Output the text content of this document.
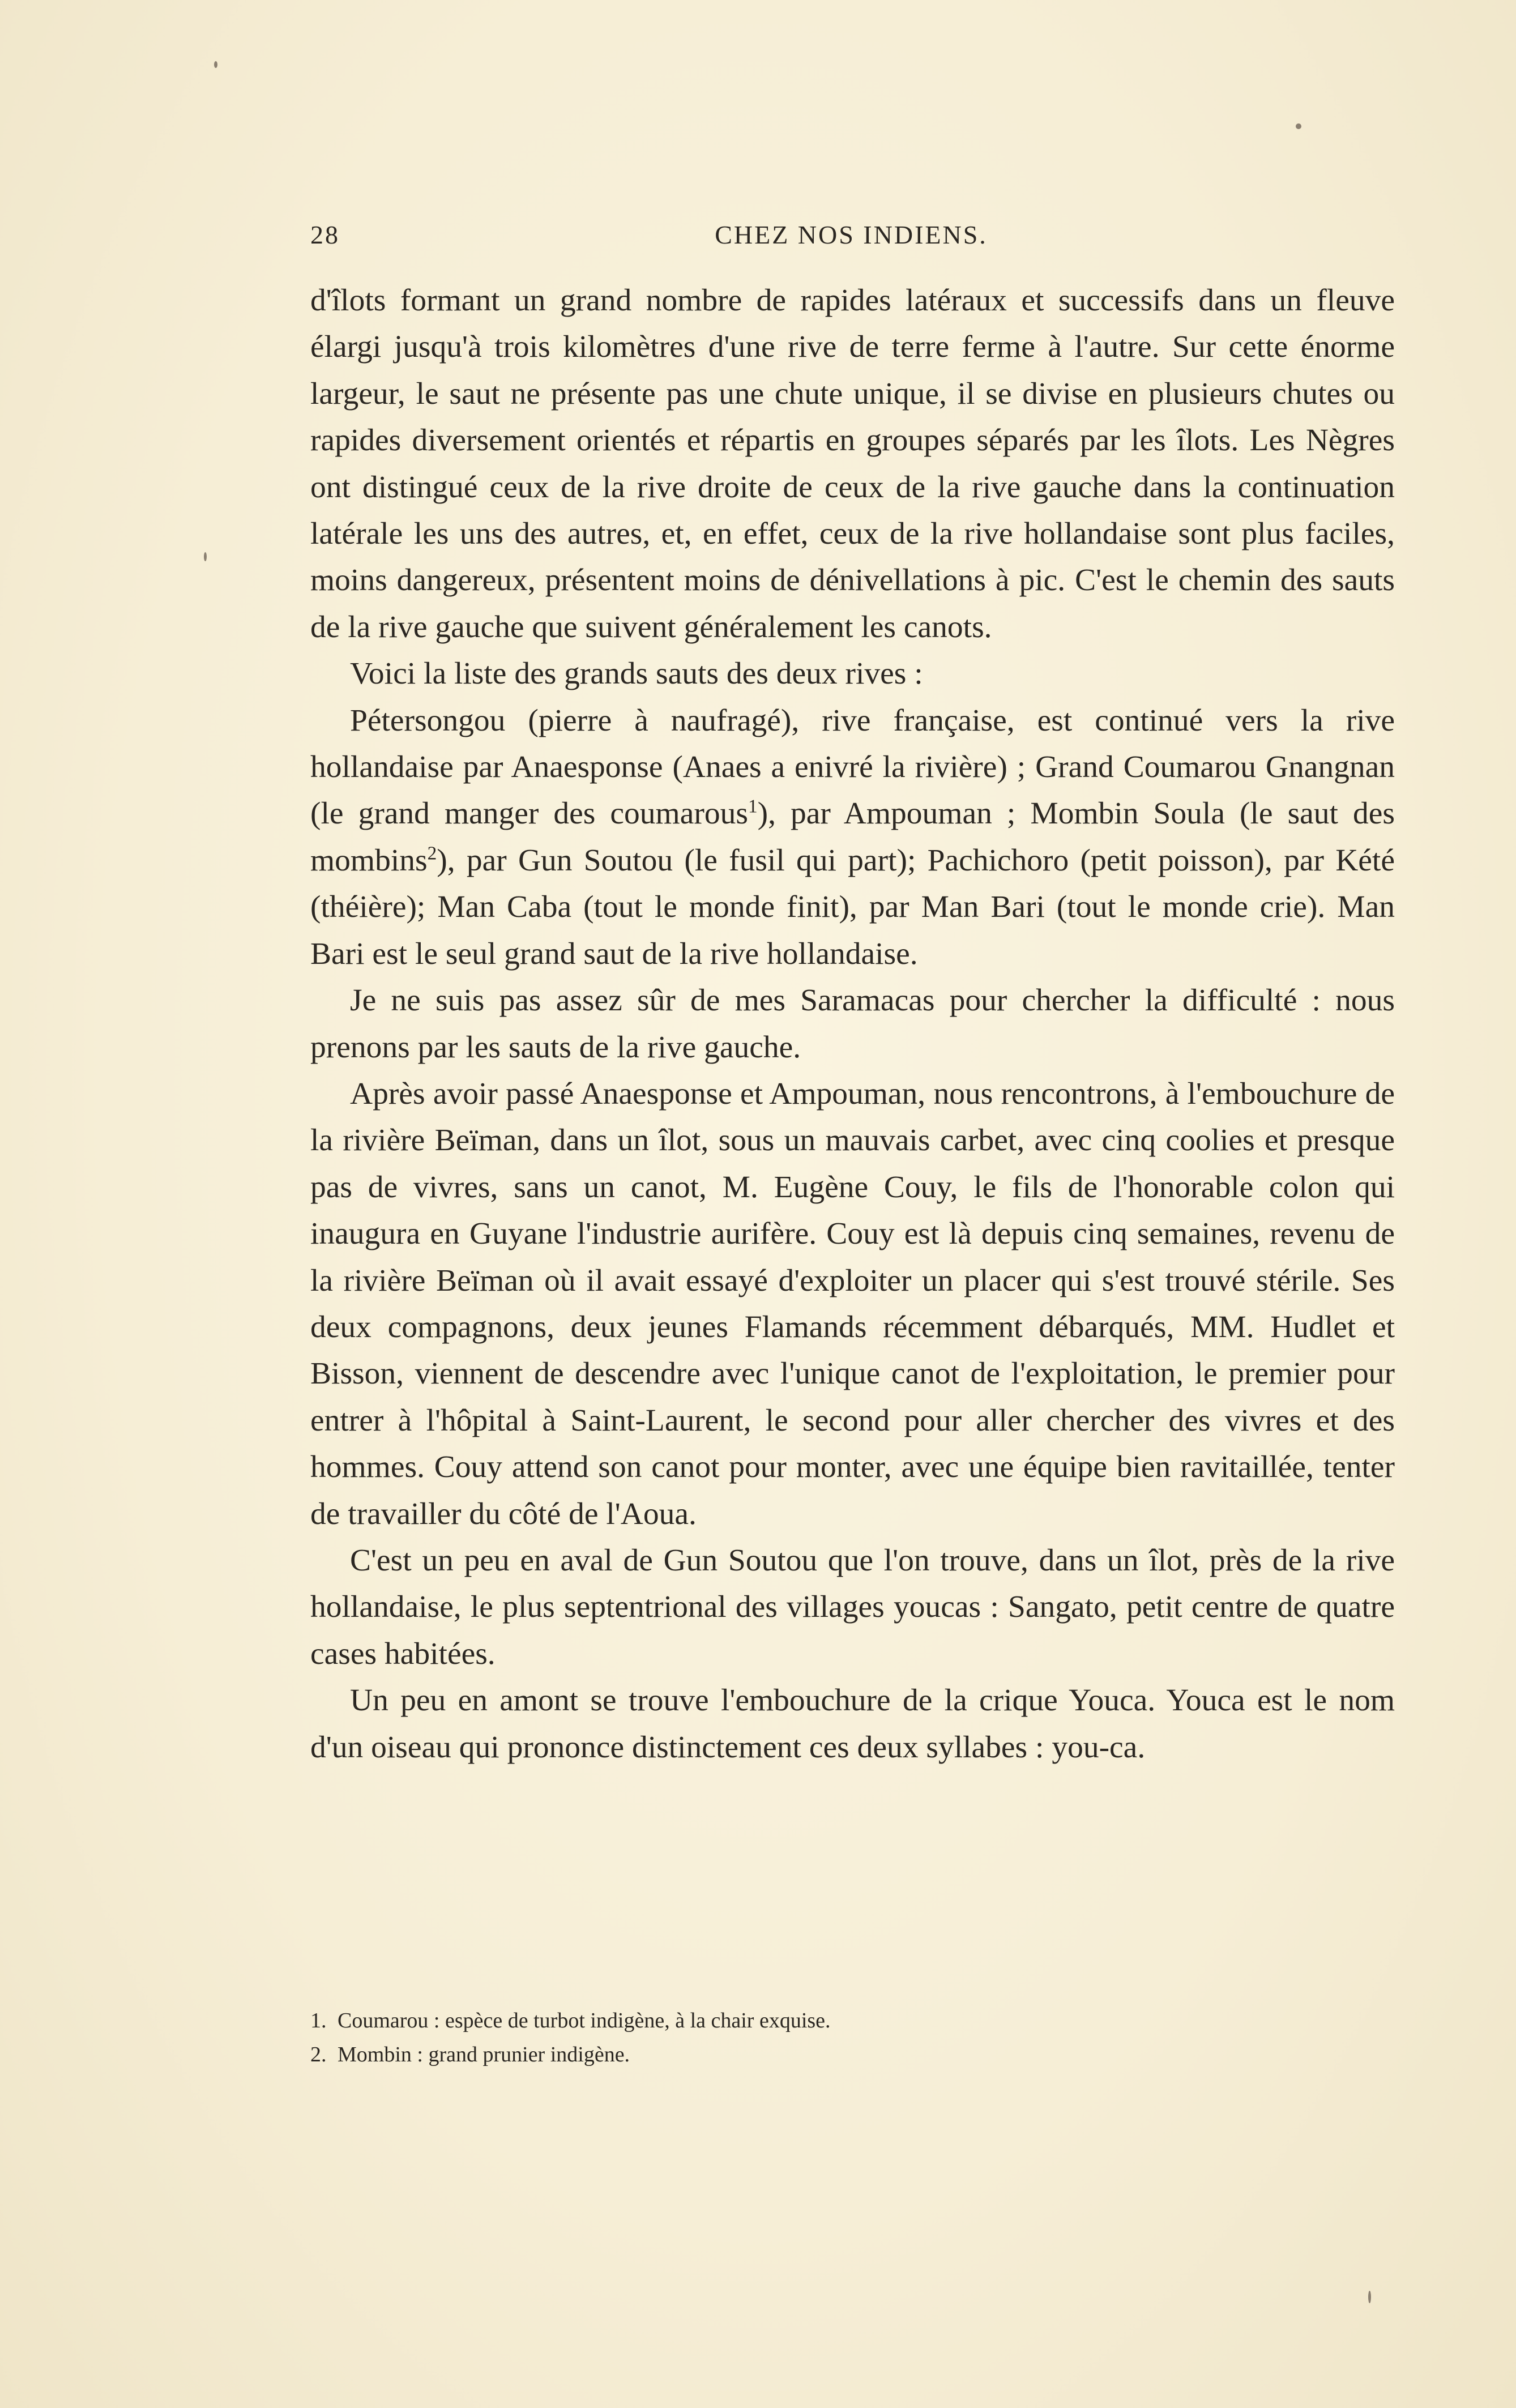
28	CHEZ NOS INDIENS.

d'îlots formant un grand nombre de rapides latéraux et successifs dans un fleuve élargi jusqu'à trois kilomètres d'une rive de terre ferme à l'autre. Sur cette énorme largeur, le saut ne présente pas une chute unique, il se divise en plusieurs chutes ou rapides diversement orientés et répartis en groupes séparés par les îlots. Les Nègres ont distingué ceux de la rive droite de ceux de la rive gauche dans la continuation latérale les uns des autres, et, en effet, ceux de la rive hollandaise sont plus faciles, moins dangereux, présentent moins de dénivellations à pic. C'est le chemin des sauts de la rive gauche que suivent généralement les canots.

Voici la liste des grands sauts des deux rives :

Pétersongou (pierre à naufragé), rive française, est continué vers la rive hollandaise par Anaesponse (Anaes a enivré la rivière) ; Grand Coumarou Gnangnan (le grand manger des coumarous$^1$), par Ampouman ; Mombin Soula (le saut des mombins$^2$), par Gun Soutou (le fusil qui part); Pachichoro (petit poisson), par Kété (théière); Man Caba (tout le monde finit), par Man Bari (tout le monde crie). Man Bari est le seul grand saut de la rive hollandaise.

Je ne suis pas assez sûr de mes Saramacas pour chercher la difficulté : nous prenons par les sauts de la rive gauche.

Après avoir passé Anaesponse et Ampouman, nous rencontrons, à l'embouchure de la rivière Beïman, dans un îlot, sous un mauvais carbet, avec cinq coolies et presque pas de vivres, sans un canot, M. Eugène Couy, le fils de l'honorable colon qui inaugura en Guyane l'industrie aurifère. Couy est là depuis cinq semaines, revenu de la rivière Beïman où il avait essayé d'exploiter un placer qui s'est trouvé stérile. Ses deux compagnons, deux jeunes Flamands récemment débarqués, MM. Hudlet et Bisson, viennent de descendre avec l'unique canot de l'exploitation, le premier pour entrer à l'hôpital à Saint-Laurent, le second pour aller chercher des vivres et des hommes. Couy attend son canot pour monter, avec une équipe bien ravitaillée, tenter de travailler du côté de l'Aoua.

C'est un peu en aval de Gun Soutou que l'on trouve, dans un îlot, près de la rive hollandaise, le plus septentrional des villages youcas : Sangato, petit centre de quatre cases habitées.

Un peu en amont se trouve l'embouchure de la crique Youca. Youca est le nom d'un oiseau qui prononce distinctement ces deux syllabes : you-ca.

1. Coumarou : espèce de turbot indigène, à la chair exquise.

2. Mombin : grand prunier indigène.
